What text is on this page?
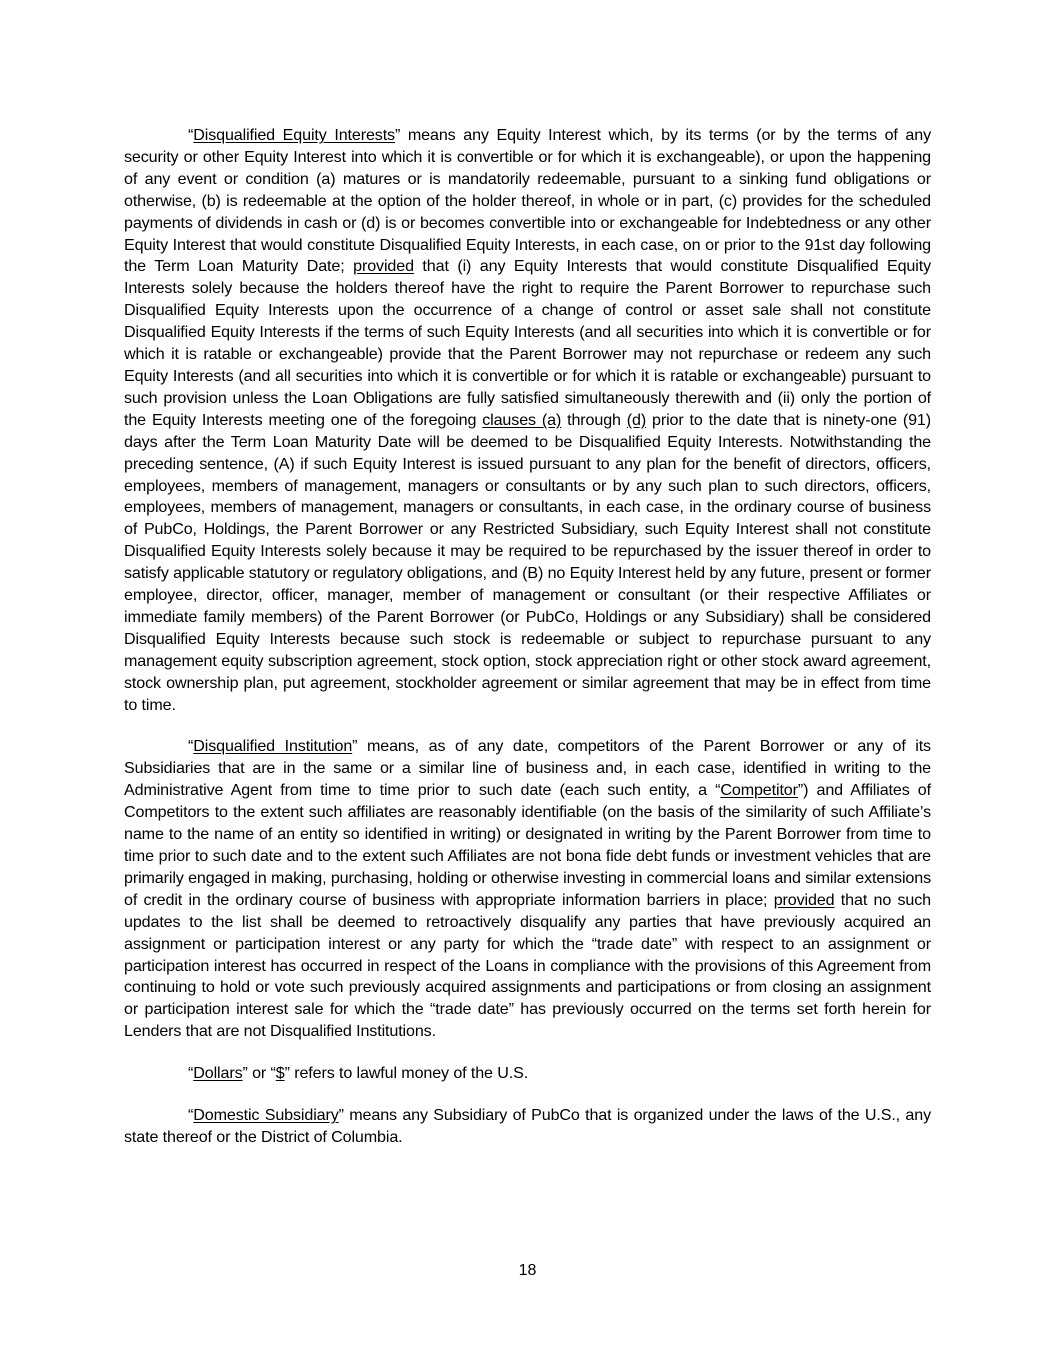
“Disqualified Equity Interests” means any Equity Interest which, by its terms (or by the terms of any security or other Equity Interest into which it is convertible or for which it is exchangeable), or upon the happening of any event or condition (a) matures or is mandatorily redeemable, pursuant to a sinking fund obligations or otherwise, (b) is redeemable at the option of the holder thereof, in whole or in part, (c) provides for the scheduled payments of dividends in cash or (d) is or becomes convertible into or exchangeable for Indebtedness or any other Equity Interest that would constitute Disqualified Equity Interests, in each case, on or prior to the 91st day following the Term Loan Maturity Date; provided that (i) any Equity Interests that would constitute Disqualified Equity Interests solely because the holders thereof have the right to require the Parent Borrower to repurchase such Disqualified Equity Interests upon the occurrence of a change of control or asset sale shall not constitute Disqualified Equity Interests if the terms of such Equity Interests (and all securities into which it is convertible or for which it is ratable or exchangeable) provide that the Parent Borrower may not repurchase or redeem any such Equity Interests (and all securities into which it is convertible or for which it is ratable or exchangeable) pursuant to such provision unless the Loan Obligations are fully satisfied simultaneously therewith and (ii) only the portion of the Equity Interests meeting one of the foregoing clauses (a) through (d) prior to the date that is ninety-one (91) days after the Term Loan Maturity Date will be deemed to be Disqualified Equity Interests. Notwithstanding the preceding sentence, (A) if such Equity Interest is issued pursuant to any plan for the benefit of directors, officers, employees, members of management, managers or consultants or by any such plan to such directors, officers, employees, members of management, managers or consultants, in each case, in the ordinary course of business of PubCo, Holdings, the Parent Borrower or any Restricted Subsidiary, such Equity Interest shall not constitute Disqualified Equity Interests solely because it may be required to be repurchased by the issuer thereof in order to satisfy applicable statutory or regulatory obligations, and (B) no Equity Interest held by any future, present or former employee, director, officer, manager, member of management or consultant (or their respective Affiliates or immediate family members) of the Parent Borrower (or PubCo, Holdings or any Subsidiary) shall be considered Disqualified Equity Interests because such stock is redeemable or subject to repurchase pursuant to any management equity subscription agreement, stock option, stock appreciation right or other stock award agreement, stock ownership plan, put agreement, stockholder agreement or similar agreement that may be in effect from time to time.

“Disqualified Institution” means, as of any date, competitors of the Parent Borrower or any of its Subsidiaries that are in the same or a similar line of business and, in each case, identified in writing to the Administrative Agent from time to time prior to such date (each such entity, a “Competitor”) and Affiliates of Competitors to the extent such affiliates are reasonably identifiable (on the basis of the similarity of such Affiliate’s name to the name of an entity so identified in writing) or designated in writing by the Parent Borrower from time to time prior to such date and to the extent such Affiliates are not bona fide debt funds or investment vehicles that are primarily engaged in making, purchasing, holding or otherwise investing in commercial loans and similar extensions of credit in the ordinary course of business with appropriate information barriers in place; provided that no such updates to the list shall be deemed to retroactively disqualify any parties that have previously acquired an assignment or participation interest or any party for which the “trade date” with respect to an assignment or participation interest has occurred in respect of the Loans in compliance with the provisions of this Agreement from continuing to hold or vote such previously acquired assignments and participations or from closing an assignment or participation interest sale for which the “trade date” has previously occurred on the terms set forth herein for Lenders that are not Disqualified Institutions.

“Dollars” or “$” refers to lawful money of the U.S.

“Domestic Subsidiary” means any Subsidiary of PubCo that is organized under the laws of the U.S., any state thereof or the District of Columbia.

18
